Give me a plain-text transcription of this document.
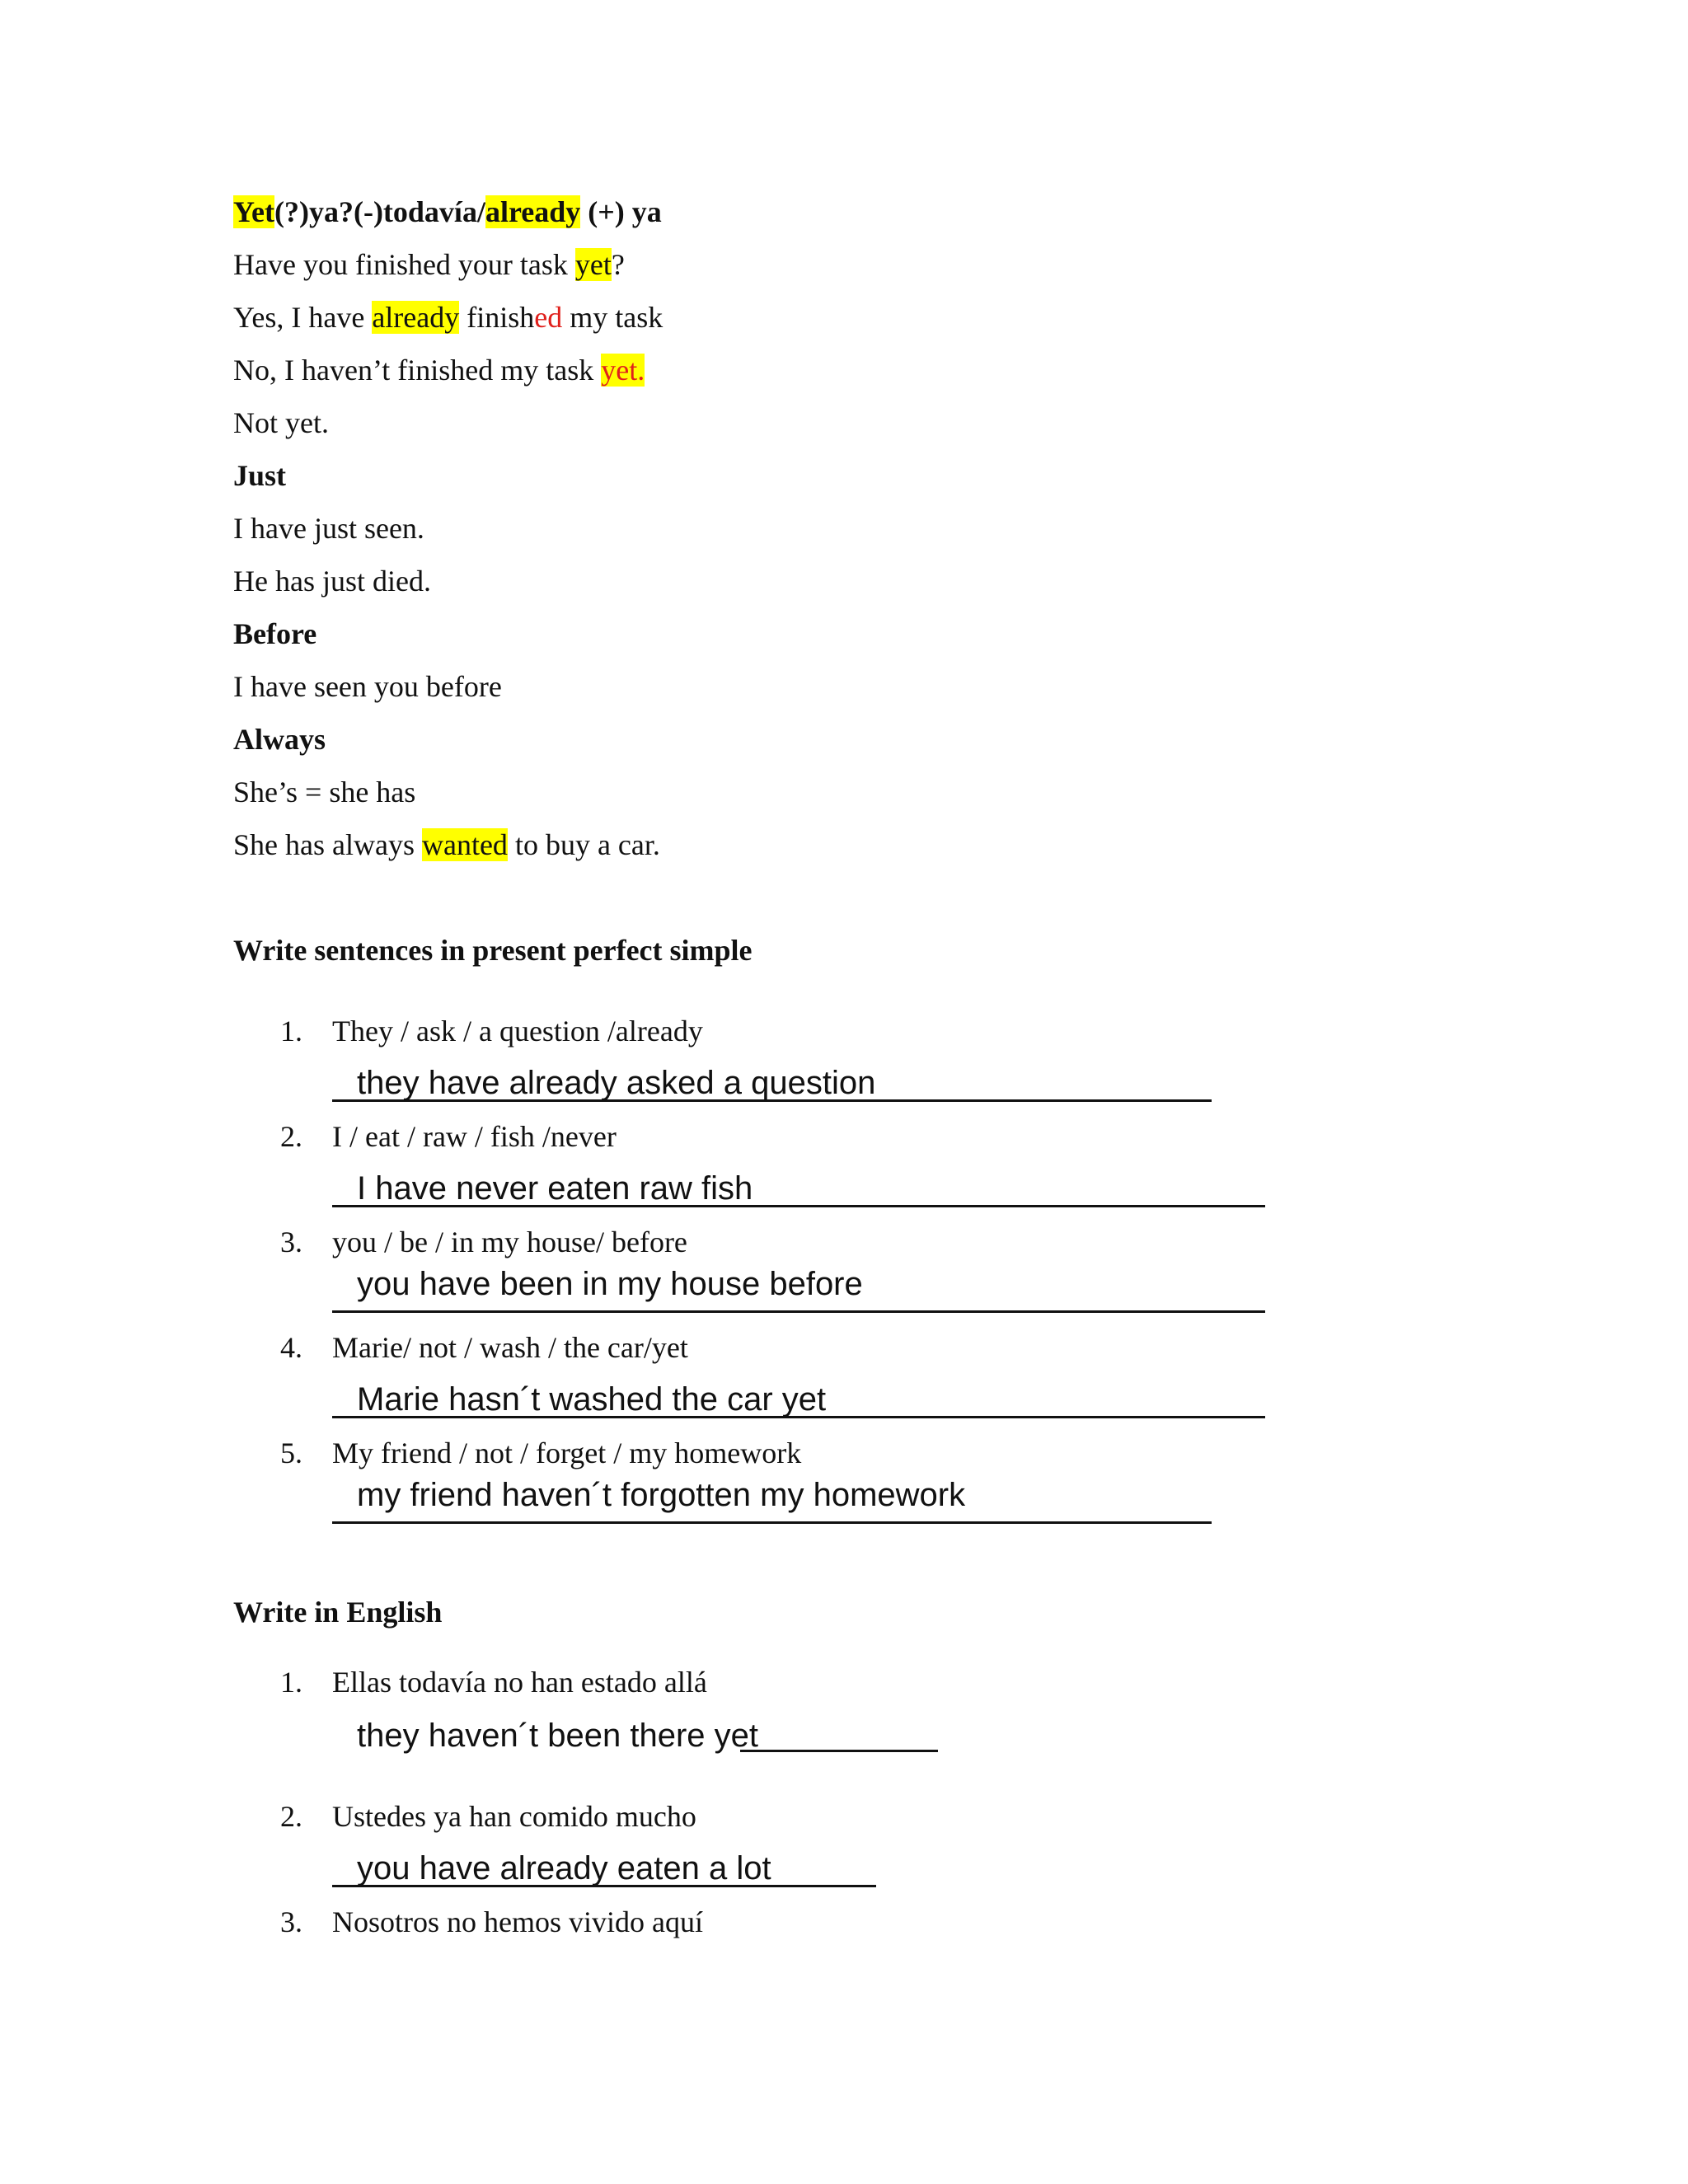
Yet(?)ya?(-)todavía/already (+) ya
Have you finished your task yet?
Yes, I have already finished my task
No, I haven’t finished my task yet.
Not yet.
Just
I have just seen.
He has just died.
Before
I have seen you before
Always
She’s = she has
She has always wanted to buy a car.
Write sentences in present perfect simple
1. They / ask / a question /already
they have already asked a question
2. I / eat / raw / fish /never
I have never eaten raw fish
3. you / be / in my house/ before
you have been in my house before
4. Marie/ not / wash / the car/yet
Marie hasn´t washed the car yet
5. My friend / not / forget / my homework
my friend haven´t forgotten my homework
Write in English
1. Ellas todavía no han estado allá
they haven´t been there yet
2. Ustedes ya han comido mucho
you have already eaten a lot
3. Nosotros no hemos vivido aquí
